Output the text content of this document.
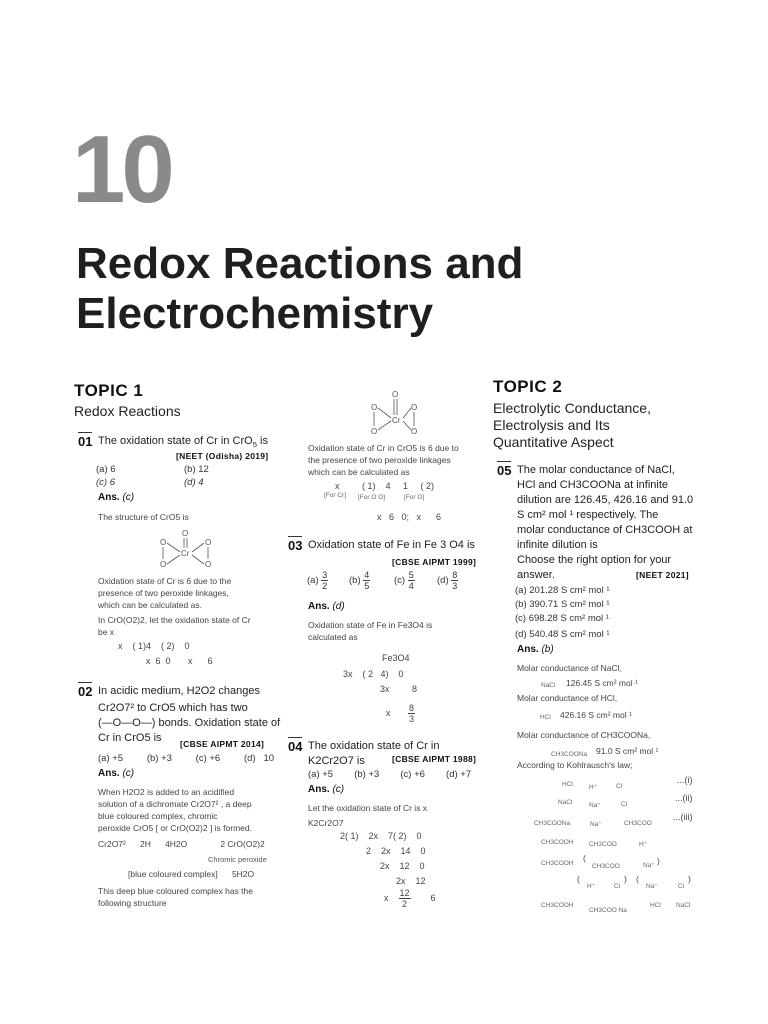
10
Redox Reactions and
Electrochemistry
TOPIC 1
Redox Reactions
01 The oxidation state of Cr in CrO$_5$ is
[NEET (Odisha) 2019]
(a) 6	(b) 12
(c) 6	(d) 4
Ans. (c)
The structure of CrO5 is
O
O	O
Cr
O	O
Oxidation state of Cr is 6 due to the
presence of two peroxide linkages,
which can be calculated as.
In CrO(O2)2, let the oxidation state of Cr
be x
x    ( 1)4    ( 2)    0
x  6  0       x      6
02 In acidic medium, H2O2 changes
Cr2O7² to CrO5 which has two
(—O—O—) bonds. Oxidation state of
Cr in CrO5 is [CBSE AIPMT 2014]
(a) +5         (b) +3         (c) +6         (d)   10
Ans. (c)
When H2O2 is added to an acidified
solution of a dichromate Cr2O7² , a deep
blue coloured complex, chromic
peroxide CrO5 [ or CrO(O2)2 ] is formed.
Cr2O7²      2H      4H2O              2 CrO(O2)2
Chromic peroxide
[blue coloured complex]      5H2O
This deep blue coloured complex has the
following structure
O
O	O
Cr
O	O
Oxidation state of Cr in CrO5 is 6 due to
the presence of two peroxide linkages
which can be calculated as
x         ( 1)    4     1     ( 2)
[For Cr] [For O O]	[For O]
x   6   0;   x      6
03 Oxidation state of Fe in Fe 3 O4 is
[CBSE AIPMT 1999]
$(a) \frac{3}{2} (b) \frac{4}{5} (c) \frac{5}{4} (d) \frac{8}{3}$
Ans. (d)
Oxidation state of Fe in Fe3O4 is
calculated as
Fe3O4
3x    ( 2   4)    0
3x         8
x $\frac{8}{3}$
04 The oxidation state of Cr in
K2Cr2O7 is	[CBSE AIPMT 1988]
(a) +5        (b) +3        (c) +6        (d) +7
Ans. (c)
Let the oxidation state of Cr is x
K2Cr2O7
2( 1)    2x    7( 2)    0
2    2x    14    0
2x    12    0
2x    12
x $\frac{12}{2} 6$
TOPIC 2
Electrolytic Conductance,
Electrolysis and Its
Quantitative Aspect
05 The molar conductance of NaCl,
HCl and CH3COONa at infinite
dilution are 126.45, 426.16 and 91.0
S cm² mol ¹ respectively. The
molar conductance of CH3COOH at
infinite dilution is
Choose the right option for your
answer.	[NEET 2021]
(a) 201.28 S cm² mol ¹
(b) 390.71 S cm² mol ¹
(c) 698.28 S cm² mol ¹
(d) 540.48 S cm² mol ¹
Ans. (b)
Molar conductance of NaCl,
NaCl 126.45 S cm² mol ¹
Molar conductance of HCl,
HCl 426.16 S cm² mol ¹
Molar conductance of CH3COONa,
CH3COONa 91.0 S cm² mol ¹
According to Kohlrausch's law;
HCl H⁺	Cl
...(i)
NaCl	Na⁺	Cl
...(ii)
CH3COONa	Na⁺	CH3COO
...(iii)
CH3COOH CH3COO	H⁺
CH3COOH
(
CH3COO	Na⁺ )
(
H⁺	Cl
) (
Na⁺	Cl
)
CH3COOH
CH3COO Na
HCl NaCl
